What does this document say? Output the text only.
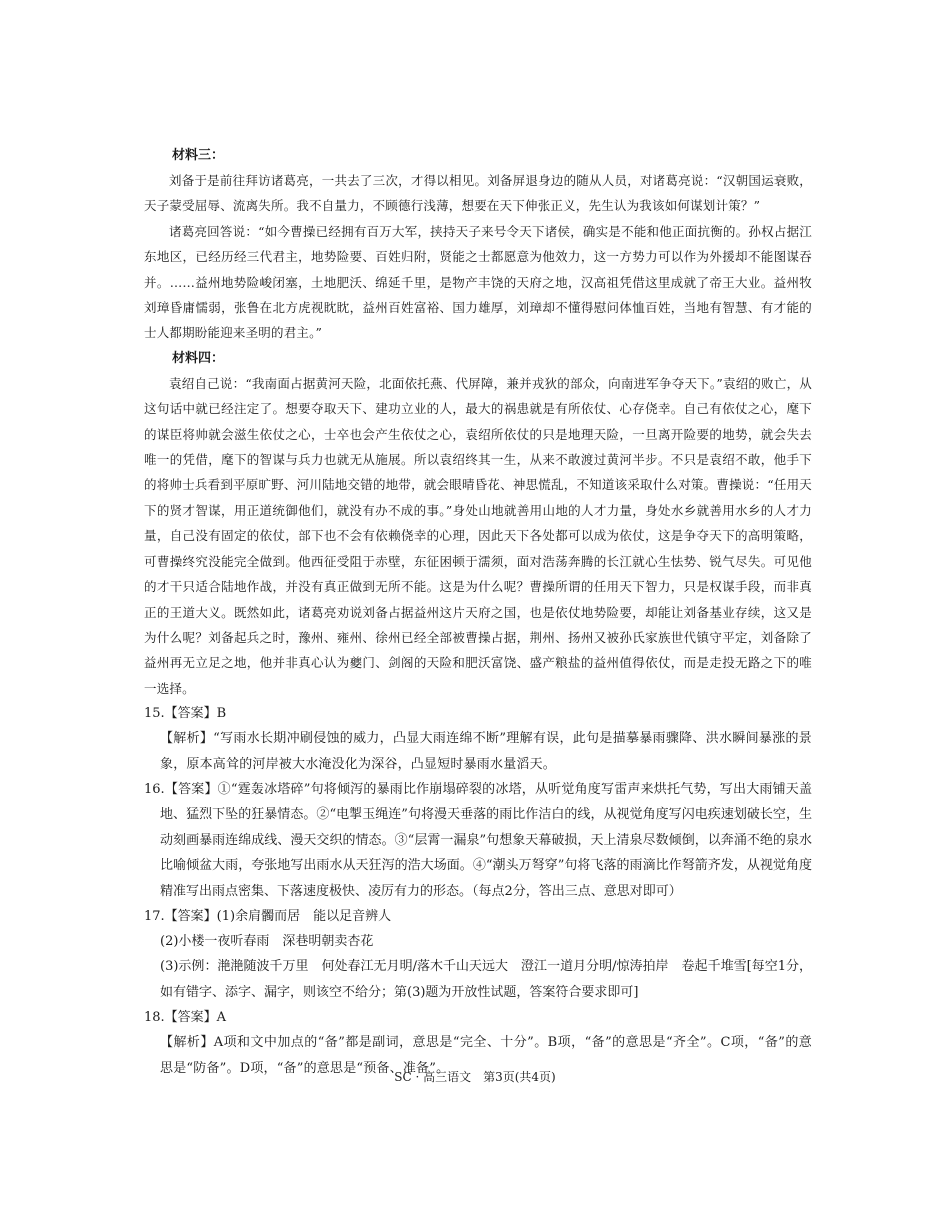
材料三：

刘备于是前往拜访诸葛亮，一共去了三次，才得以相见。刘备屏退身边的随从人员，对诸葛亮说：“汉朝国运衰败，天子蒙受屈辱、流离失所。我不自量力，不顾德行浅薄，想要在天下伸张正义，先生认为我该如何谋划计策？”

诸葛亮回答说：“如今曹操已经拥有百万大军，挟持天子来号令天下诸侯，确实是不能和他正面抗衡的。孙权占据江东地区，已经历经三代君主，地势险要、百姓归附，贤能之士都愿意为他效力，这一方势力可以作为外援却不能图谋吞并。……益州地势险峻闭塞，土地肥沃、绵延千里，是物产丰饶的天府之地，汉高祖凭借这里成就了帝王大业。益州牧刘璋昏庸懦弱，张鲁在北方虎视眈眈，益州百姓富裕、国力雄厚，刘璋却不懂得慰问体恤百姓，当地有智慧、有才能的士人都期盼能迎来圣明的君主。”

材料四：

袁绍自己说：“我南面占据黄河天险，北面依托燕、代屏障，兼并戎狄的部众，向南进军争夺天下。”袁绍的败亡，从这句话中就已经注定了。想要夺取天下、建功立业的人，最大的祸患就是有所依仗、心存侥幸。自己有依仗之心，麾下的谋臣将帅就会滋生依仗之心，士卒也会产生依仗之心，袁绍所依仗的只是地理天险，一旦离开险要的地势，就会失去唯一的凭借，麾下的智谋与兵力也就无从施展。所以袁绍终其一生，从来不敢渡过黄河半步。不只是袁绍不敢，他手下的将帅士兵看到平原旷野、河川陆地交错的地带，就会眼晴昏花、神思慌乱，不知道该采取什么对策。曹操说：“任用天下的贤才智谋，用正道统御他们，就没有办不成的事。”身处山地就善用山地的人才力量，身处水乡就善用水乡的人才力量，自己没有固定的依仗，部下也不会有依赖侥幸的心理，因此天下各处都可以成为依仗，这是争夺天下的高明策略，可曹操终究没能完全做到。他西征受阻于赤壁，东征困顿于濡须，面对浩荡奔腾的长江就心生怯势、锐气尽失。可见他的才干只适合陆地作战，并没有真正做到无所不能。这是为什么呢？曹操所谓的任用天下智力，只是权谋手段，而非真正的王道大义。既然如此，诸葛亮劝说刘备占据益州这片天府之国，也是依仗地势险要，却能让刘备基业存续，这又是为什么呢？刘备起兵之时，豫州、雍州、徐州已经全部被曹操占据，荆州、扬州又被孙氏家族世代镇守平定，刘备除了益州再无立足之地，他并非真心认为夔门、剑阁的天险和肥沃富饶、盛产粮盐的益州值得依仗，而是走投无路之下的唯一选择。

15.【答案】B

【解析】“写雨水长期冲刷侵蚀的威力，凸显大雨连绵不断”理解有误，此句是描摹暴雨骤降、洪水瞬间暴涨的景象，原本高耸的河岸被大水淹没化为深谷，凸显短时暴雨水量滔天。

16.【答案】①“霆轰冰塔碎”句将倾泻的暴雨比作崩塌碎裂的冰塔，从听觉角度写雷声来烘托气势，写出大雨铺天盖地、猛烈下坠的狂暴情态。②“电掣玉绳连”句将漫天垂落的雨比作洁白的线，从视觉角度写闪电疾速划破长空，生动刻画暴雨连绵成线、漫天交织的情态。③“层霄一漏泉”句想象天幕破损，天上清泉尽数倾倒，以奔涌不绝的泉水比喻倾盆大雨，夸张地写出雨水从天狂泻的浩大场面。④“潮头万弩穿”句将飞落的雨滴比作弩箭齐发，从视觉角度精准写出雨点密集、下落速度极快、凌厉有力的形态。（每点2分，答出三点、意思对即可）

17.【答案】(1)余肩髑而居　能以足音辨人

(2)小楼一夜听春雨　深巷明朝卖杏花

(3)示例：滟滟随波千万里　何处春江无月明/落木千山天远大　澄江一道月分明/惊涛拍岸　卷起千堆雪[每空1分，如有错字、添字、漏字，则该空不给分；第(3)题为开放性试题，答案符合要求即可]

18.【答案】A

【解析】A项和文中加点的“备”都是副词，意思是“完全、十分”。B项，“备”的意思是“齐全”。C项，“备”的意思是“防备”。D项，“备”的意思是“预备、准备”。

SC · 高三语文　第3页(共4页)
